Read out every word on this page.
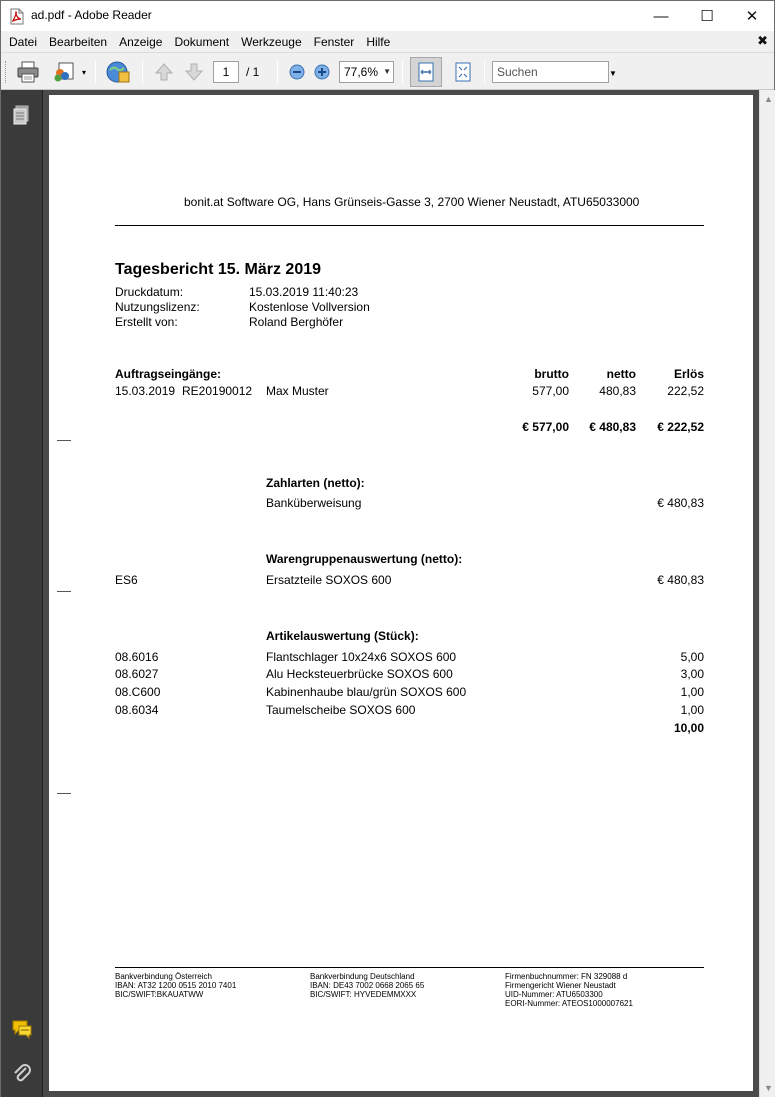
ad.pdf - Adobe Reader	— ☐ ✕
Datei	Bearbeiten	Anzeige	Dokument	Werkzeuge	Fenster	Hilfe	✖
▾	1	/ 1	77,6% ▼	Suchen	▼
▲
▼
bonit.at Software OG, Hans Grünseis-Gasse 3, 2700 Wiener Neustadt, ATU65033000
Tagesbericht 15. März 2019
Druckdatum:	15.03.2019 11:40:23
Nutzungslizenz:	Kostenlose Vollversion
Erstellt von:	Roland Berghöfer
Auftragseingänge:	brutto	netto	Erlös
15.03.2019 RE20190012 Max Muster	577,00	480,83	222,52
€ 577,00	€ 480,83	€ 222,52
Zahlarten (netto):
Banküberweisung	€ 480,83
Warengruppenauswertung (netto):
ES6	Ersatzteile SOXOS 600	€ 480,83
Artikelauswertung (Stück):
08.6016	Flantschlager 10x24x6 SOXOS 600	5,00
08.6027	Alu Hecksteuerbrücke SOXOS 600	3,00
08.C600	Kabinenhaube blau/grün SOXOS 600	1,00
08.6034	Taumelscheibe SOXOS 600	1,00
10,00
Bankverbindung Österreich
IBAN: AT32 1200 0515 2010 7401
BIC/SWIFT:BKAUATWW
Bankverbindung Deutschland
IBAN: DE43 7002 0668 2065 65
BIC/SWIFT: HYVEDEMMXXX
Firmenbuchnummer: FN 329088 d
Firmengericht Wiener Neustadt
UID-Nummer: ATU6503300
EORI-Nummer: ATEOS1000007621
